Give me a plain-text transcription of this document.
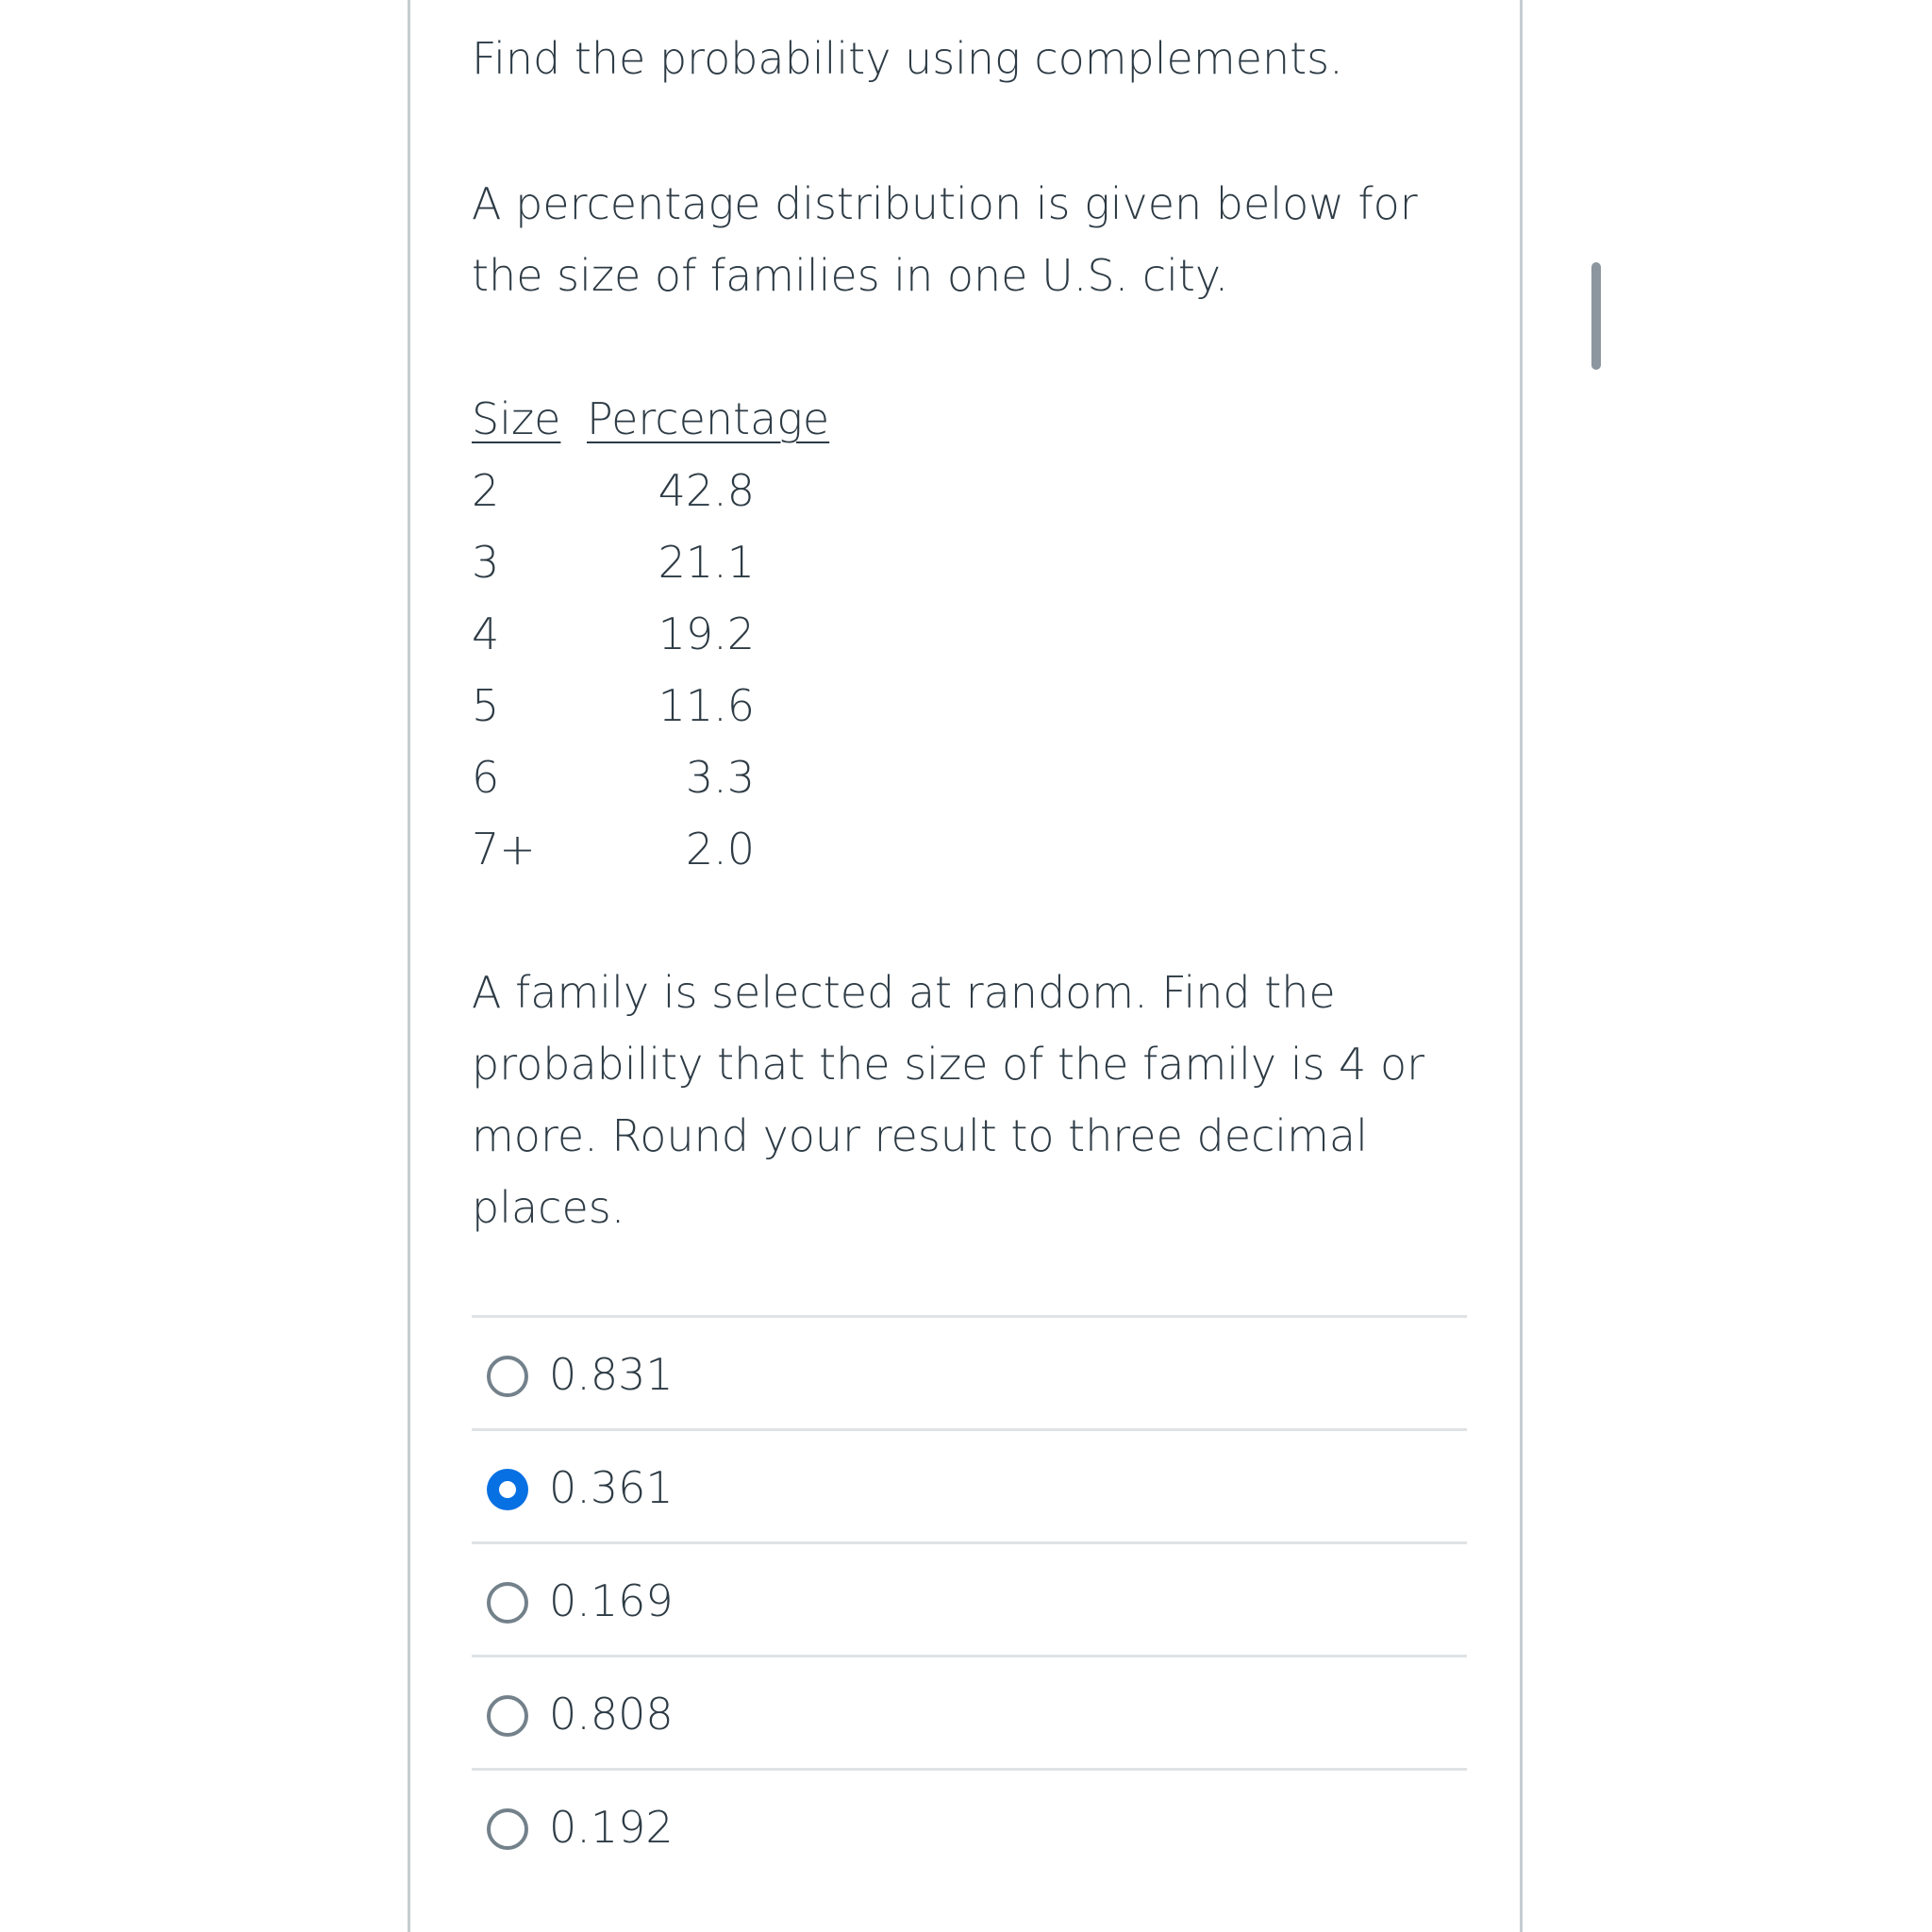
Find the probability using complements.

A percentage distribution is given below for the size of families in one U.S. city.

Size Percentage
2	42.8
3	21.1
4	19.2
5	11.6
6	3.3
7+	2.0

A family is selected at random. Find the probability that the size of the family is 4 or more. Round your result to three decimal places.

0.831
0.361
0.169
0.808
0.192
